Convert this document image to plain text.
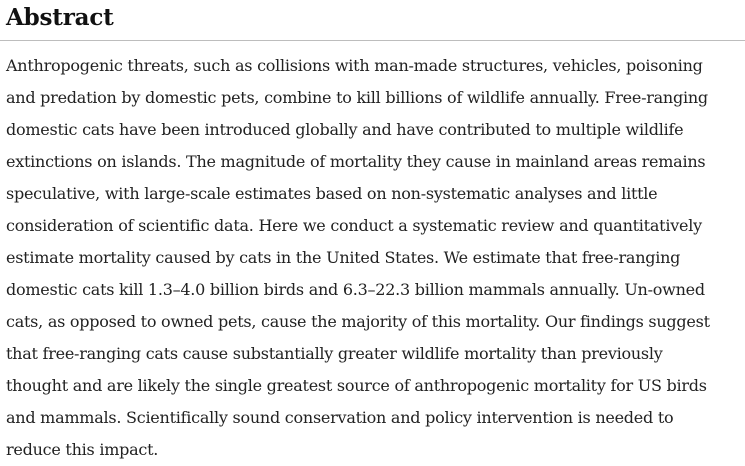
Abstract

Anthropogenic threats, such as collisions with man-made structures, vehicles, poisoning
and predation by domestic pets, combine to kill billions of wildlife annually. Free-ranging
domestic cats have been introduced globally and have contributed to multiple wildlife
extinctions on islands. The magnitude of mortality they cause in mainland areas remains
speculative, with large-scale estimates based on non-systematic analyses and little
consideration of scientific data. Here we conduct a systematic review and quantitatively
estimate mortality caused by cats in the United States. We estimate that free-ranging
domestic cats kill 1.3–4.0 billion birds and 6.3–22.3 billion mammals annually. Un-owned
cats, as opposed to owned pets, cause the majority of this mortality. Our findings suggest
that free-ranging cats cause substantially greater wildlife mortality than previously
thought and are likely the single greatest source of anthropogenic mortality for US birds
and mammals. Scientifically sound conservation and policy intervention is needed to
reduce this impact.
